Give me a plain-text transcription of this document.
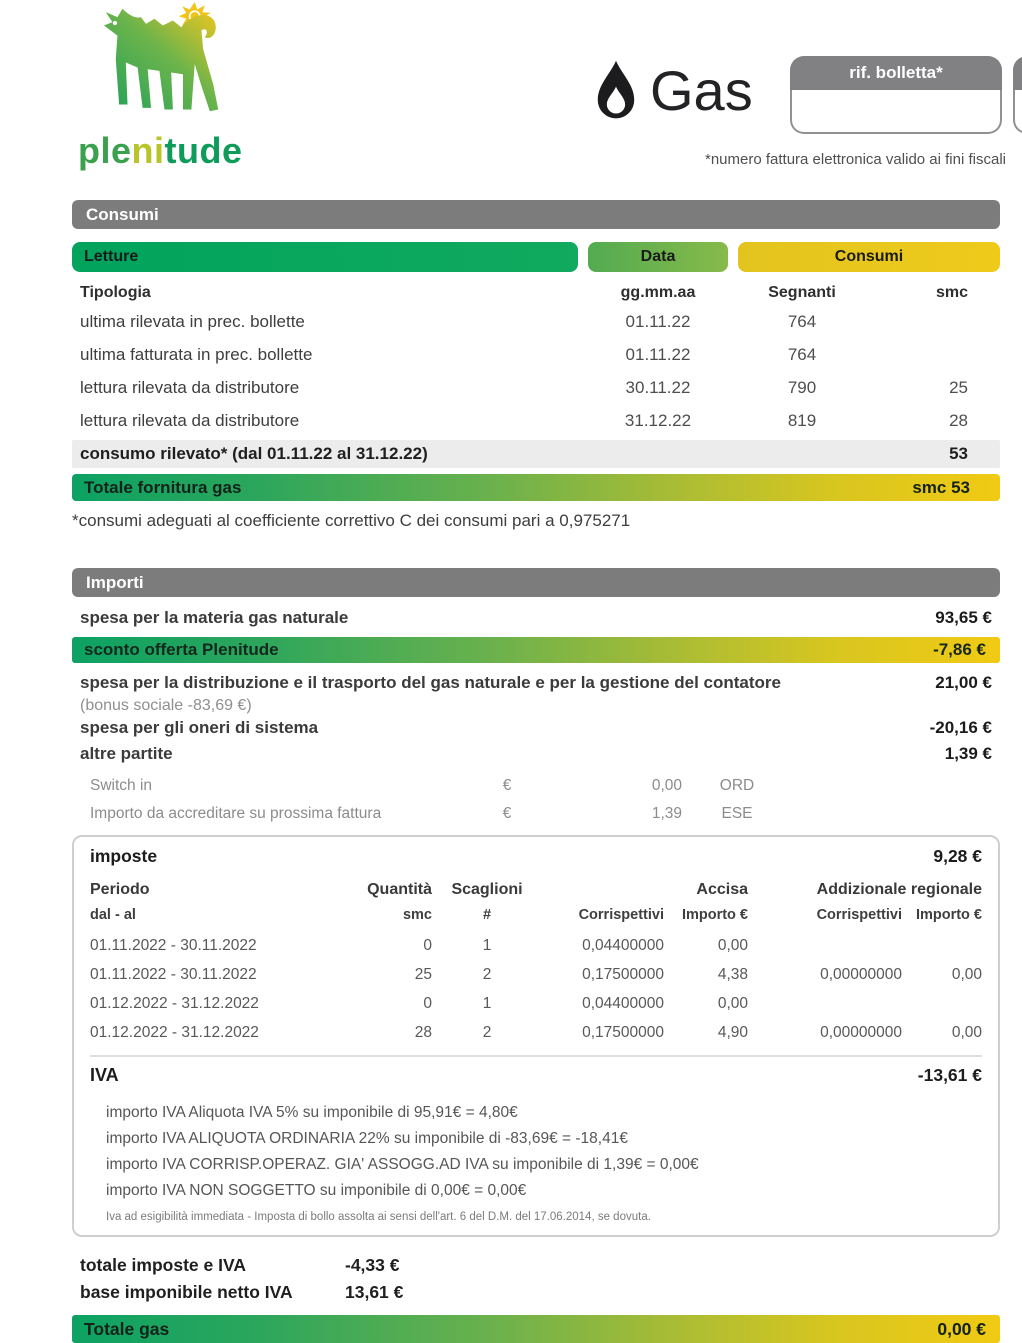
plenitude
Gas	rif. bolletta*
*numero fattura elettronica valido ai fini fiscali
Consumi
Letture	Data	Consumi
Tipologia	gg.mm.aa	Segnanti	smc
ultima rilevata in prec. bollette	01.11.22	764
ultima fatturata in prec. bollette	01.11.22	764
lettura rilevata da distributore	30.11.22	790	25
lettura rilevata da distributore	31.12.22	819	28
consumo rilevato* (dal 01.11.22 al 31.12.22)	53
Totale fornitura gas	smc 53
*consumi adeguati al coefficiente correttivo C dei consumi pari a 0,975271
Importi
spesa per la materia gas naturale	93,65 €
sconto offerta Plenitude	-7,86 €
spesa per la distribuzione e il trasporto del gas naturale e per la gestione del contatore	21,00 €
(bonus sociale -83,69 €)
spesa per gli oneri di sistema	-20,16 €
altre partite	1,39 €
Switch in	€	0,00	ORD
Importo da accreditare su prossima fattura	€	1,39	ESE
imposte	9,28 €
Periodo	Quantità	Scaglioni	Accisa	Addizionale regionale
dal - al	smc	#	Corrispettivi	Importo €	Corrispettivi Importo €
01.11.2022 - 30.11.2022	0	1	0,04400000	0,00
01.11.2022 - 30.11.2022	25	2	0,17500000	4,38	0,00000000	0,00
01.12.2022 - 31.12.2022	0	1	0,04400000	0,00
01.12.2022 - 31.12.2022	28	2	0,17500000	4,90	0,00000000	0,00
IVA	-13,61 €
importo IVA Aliquota IVA 5% su imponibile di 95,91€ = 4,80€
importo IVA ALIQUOTA ORDINARIA 22% su imponibile di -83,69€ = -18,41€
importo IVA CORRISP.OPERAZ. GIA' ASSOGG.AD IVA su imponibile di 1,39€ = 0,00€
importo IVA NON SOGGETTO su imponibile di 0,00€ = 0,00€
Iva ad esigibilità immediata - Imposta di bollo assolta ai sensi dell'art. 6 del D.M. del 17.06.2014, se dovuta.
totale imposte e IVA	-4,33 €
base imponibile netto IVA	13,61 €
Totale gas	0,00 €
